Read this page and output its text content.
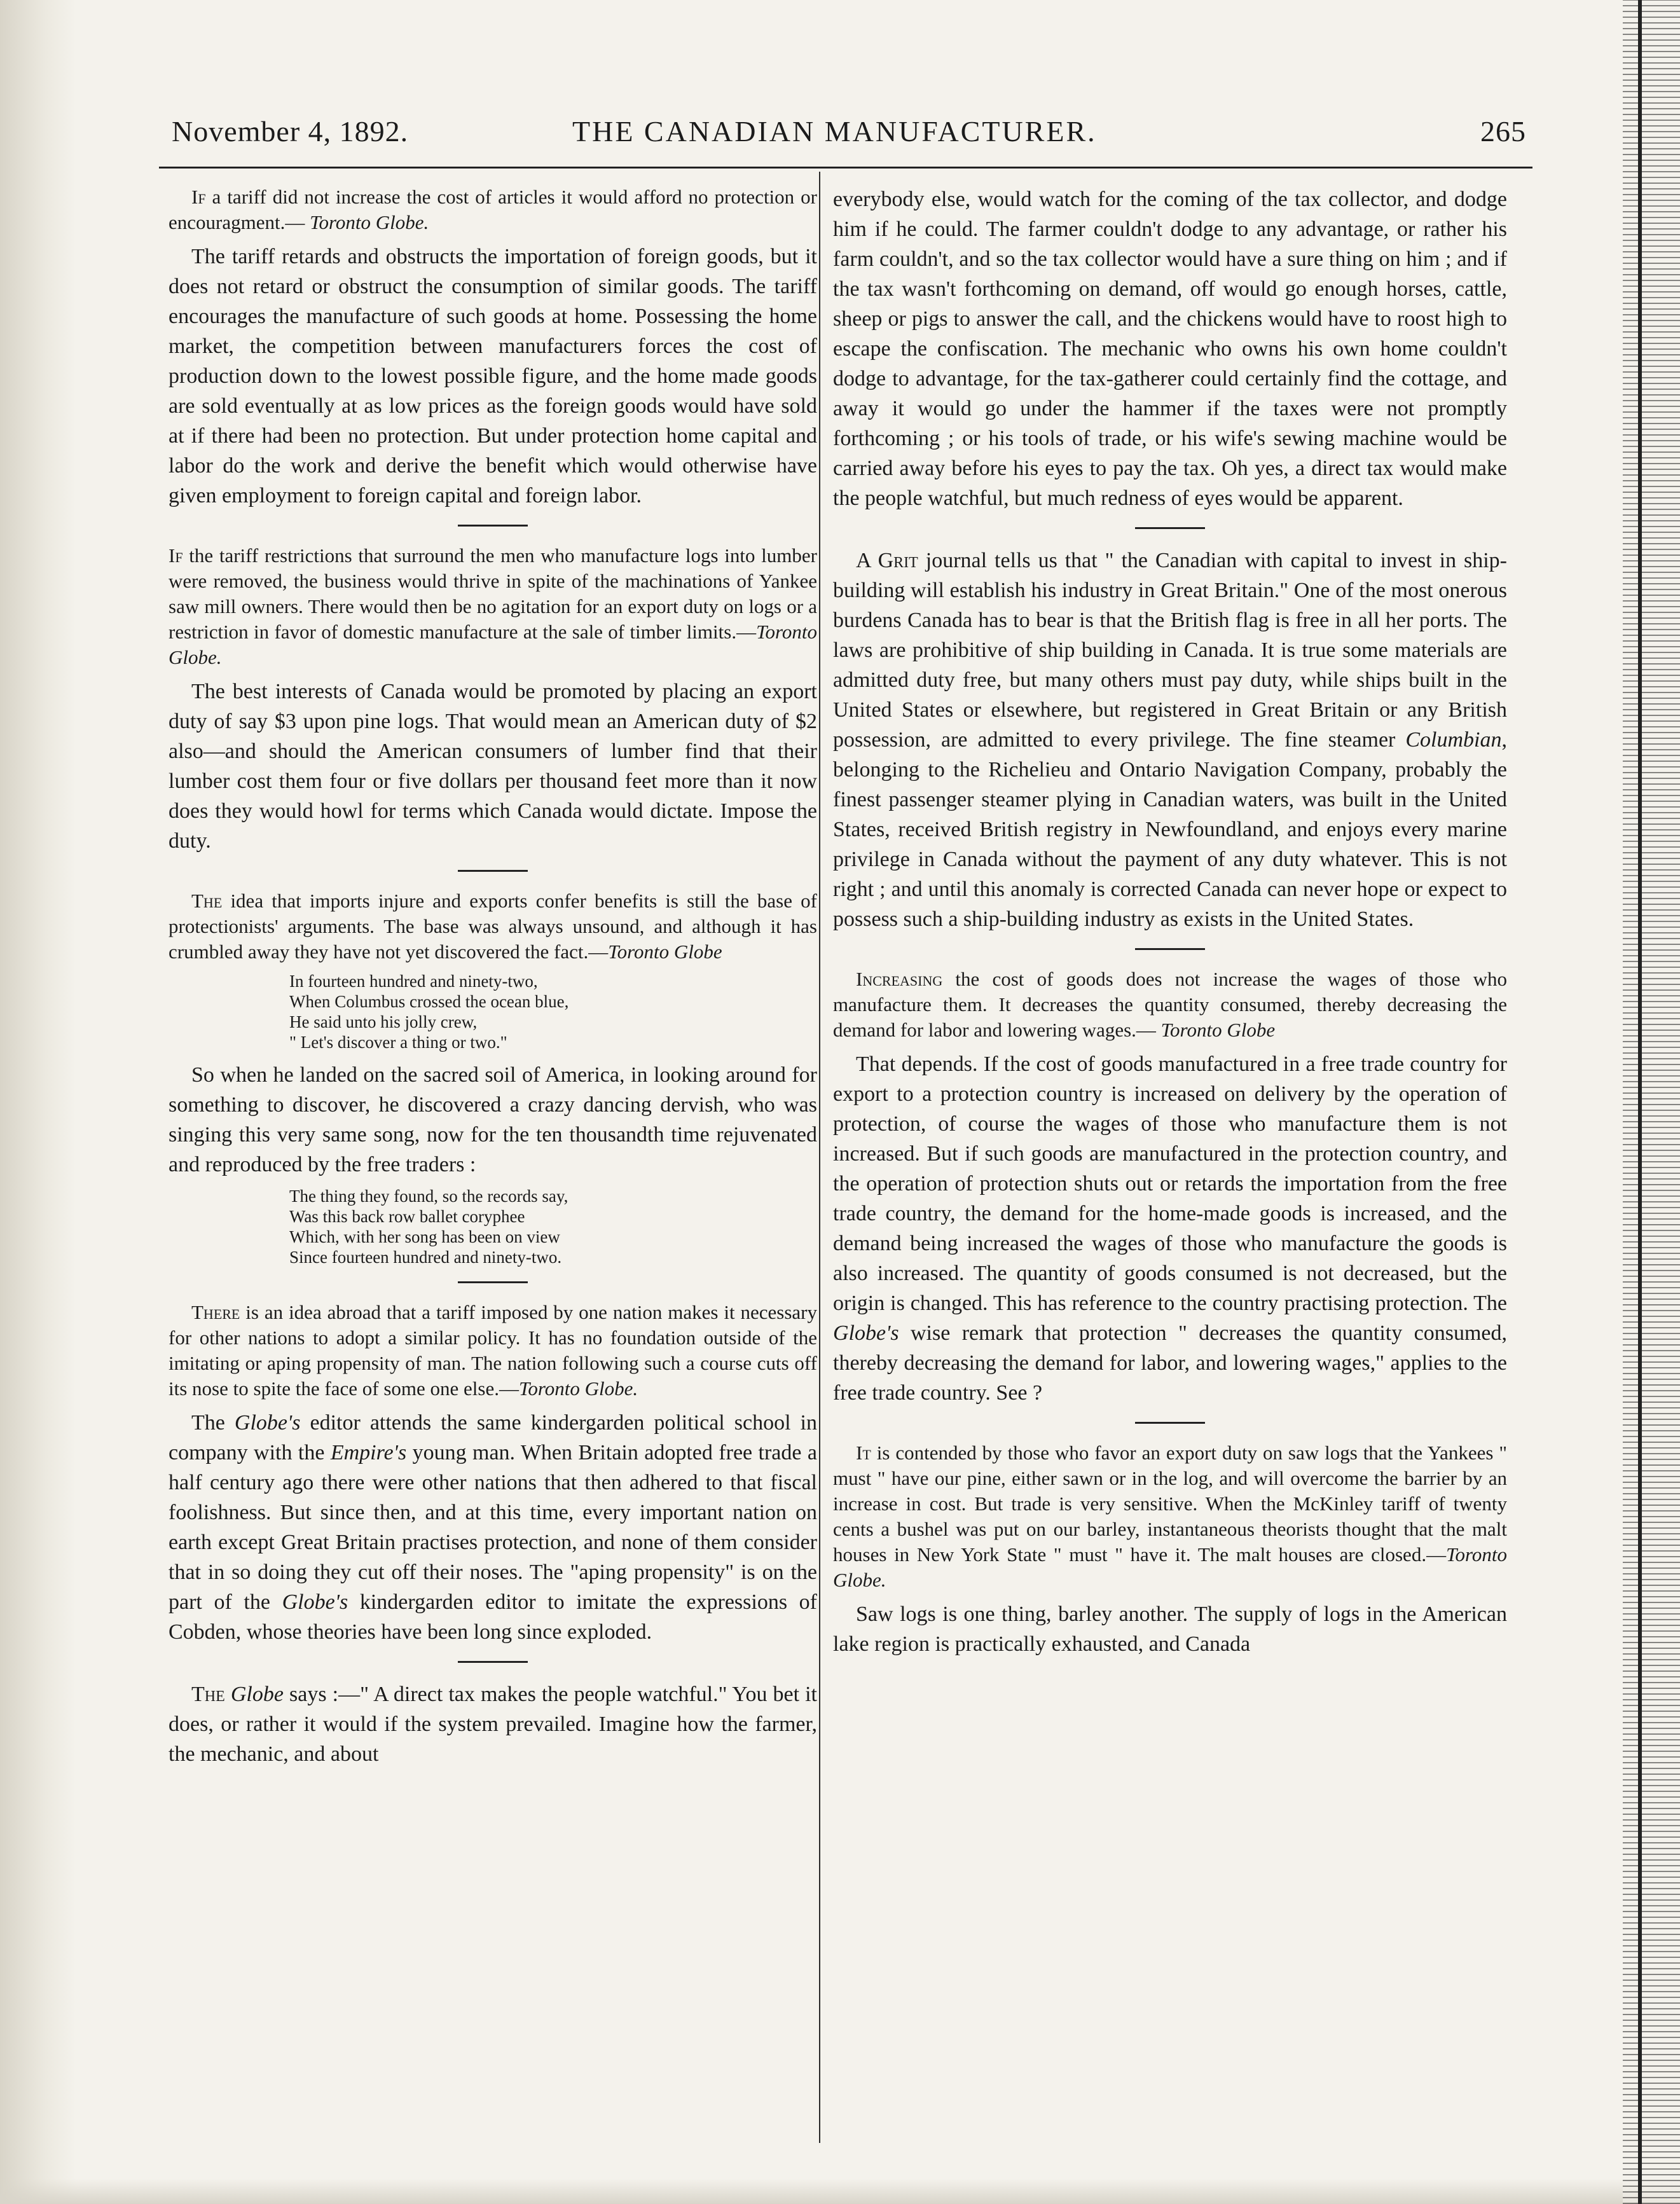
November 4, 1892.	THE CANADIAN MANUFACTURER.	265

If a tariff did not increase the cost of articles it would afford no protection or encouragment.— Toronto Globe.

The tariff retards and obstructs the importation of foreign goods, but it does not retard or obstruct the consumption of similar goods. The tariff encourages the manufacture of such goods at home. Possessing the home market, the competition between manufacturers forces the cost of production down to the lowest possible figure, and the home made goods are sold eventually at as low prices as the foreign goods would have sold at if there had been no protection. But under protection home capital and labor do the work and derive the benefit which would otherwise have given employment to foreign capital and foreign labor.

If the tariff restrictions that surround the men who manufacture logs into lumber were removed, the business would thrive in spite of the machinations of Yankee saw mill owners. There would then be no agitation for an export duty on logs or a restriction in favor of domestic manufacture at the sale of timber limits.—Toronto Globe.

The best interests of Canada would be promoted by placing an export duty of say $3 upon pine logs. That would mean an American duty of $2 also—and should the American consumers of lumber find that their lumber cost them four or five dollars per thousand feet more than it now does they would howl for terms which Canada would dictate. Impose the duty.

The idea that imports injure and exports confer benefits is still the base of protectionists' arguments. The base was always unsound, and although it has crumbled away they have not yet discovered the fact.—Toronto Globe

In fourteen hundred and ninety-two,
When Columbus crossed the ocean blue,
He said unto his jolly crew,
" Let's discover a thing or two."

So when he landed on the sacred soil of America, in looking around for something to discover, he discovered a crazy dancing dervish, who was singing this very same song, now for the ten thousandth time rejuvenated and reproduced by the free traders :

The thing they found, so the records say,
Was this back row ballet coryphee
Which, with her song has been on view
Since fourteen hundred and ninety-two.

There is an idea abroad that a tariff imposed by one nation makes it necessary for other nations to adopt a similar policy. It has no foundation outside of the imitating or aping propensity of man. The nation following such a course cuts off its nose to spite the face of some one else.—Toronto Globe.

The Globe's editor attends the same kindergarden political school in company with the Empire's young man. When Britain adopted free trade a half century ago there were other nations that then adhered to that fiscal foolishness. But since then, and at this time, every important nation on earth except Great Britain practises protection, and none of them consider that in so doing they cut off their noses. The "aping propensity" is on the part of the Globe's kindergarden editor to imitate the expressions of Cobden, whose theories have been long since exploded.

The Globe says :—" A direct tax makes the people watchful." You bet it does, or rather it would if the system prevailed. Imagine how the farmer, the mechanic, and about

everybody else, would watch for the coming of the tax collector, and dodge him if he could. The farmer couldn't dodge to any advantage, or rather his farm couldn't, and so the tax collector would have a sure thing on him ; and if the tax wasn't forthcoming on demand, off would go enough horses, cattle, sheep or pigs to answer the call, and the chickens would have to roost high to escape the confiscation. The mechanic who owns his own home couldn't dodge to advantage, for the tax-gatherer could certainly find the cottage, and away it would go under the hammer if the taxes were not promptly forthcoming ; or his tools of trade, or his wife's sewing machine would be carried away before his eyes to pay the tax. Oh yes, a direct tax would make the people watchful, but much redness of eyes would be apparent.

A Grit journal tells us that " the Canadian with capital to invest in ship-building will establish his industry in Great Britain." One of the most onerous burdens Canada has to bear is that the British flag is free in all her ports. The laws are prohibitive of ship building in Canada. It is true some materials are admitted duty free, but many others must pay duty, while ships built in the United States or elsewhere, but registered in Great Britain or any British possession, are admitted to every privilege. The fine steamer Columbian, belonging to the Richelieu and Ontario Navigation Company, probably the finest passenger steamer plying in Canadian waters, was built in the United States, received British registry in Newfoundland, and enjoys every marine privilege in Canada without the payment of any duty whatever. This is not right ; and until this anomaly is corrected Canada can never hope or expect to possess such a ship-building industry as exists in the United States.

Increasing the cost of goods does not increase the wages of those who manufacture them. It decreases the quantity consumed, thereby decreasing the demand for labor and lowering wages.— Toronto Globe

That depends. If the cost of goods manufactured in a free trade country for export to a protection country is increased on delivery by the operation of protection, of course the wages of those who manufacture them is not increased. But if such goods are manufactured in the protection country, and the operation of protection shuts out or retards the importation from the free trade country, the demand for the home-made goods is increased, and the demand being increased the wages of those who manufacture the goods is also increased. The quantity of goods consumed is not decreased, but the origin is changed. This has reference to the country practising protection. The Globe's wise remark that protection " decreases the quantity consumed, thereby decreasing the demand for labor, and lowering wages," applies to the free trade country. See ?

It is contended by those who favor an export duty on saw logs that the Yankees " must " have our pine, either sawn or in the log, and will overcome the barrier by an increase in cost. But trade is very sensitive. When the McKinley tariff of twenty cents a bushel was put on our barley, instantaneous theorists thought that the malt houses in New York State " must " have it. The malt houses are closed.—Toronto Globe.

Saw logs is one thing, barley another. The supply of logs in the American lake region is practically exhausted, and Canada
